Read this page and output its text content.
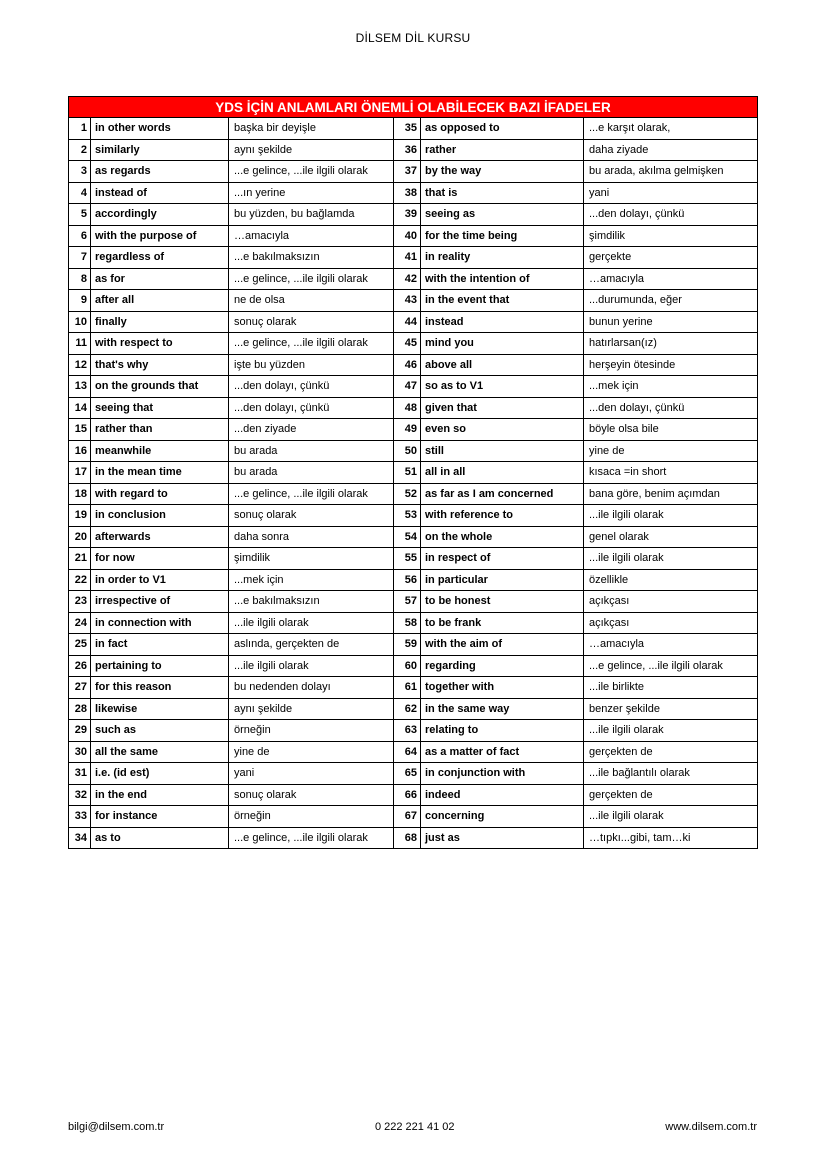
DİLSEM DİL KURSU
YDS İÇİN ANLAMLARI ÖNEMLİ OLABİLECEK BAZI İFADELER					
1	in other words	başka bir deyişle	35	as opposed to	...e karşıt olarak,
2	similarly	aynı şekilde	36	rather	daha ziyade
3	as regards	...e gelince, ...ile ilgili olarak	37	by the way	bu arada, akılma gelmişken
4	instead of	...ın yerine	38	that is	yani
5	accordingly	bu yüzden, bu bağlamda	39	seeing as	...den dolayı, çünkü
6	with the purpose of	…amacıyla	40	for the time being	şimdilik
7	regardless of	...e bakılmaksızın	41	in reality	gerçekte
8	as for	...e gelince, ...ile ilgili olarak	42	with the intention of	…amacıyla
9	after all	ne de olsa	43	in the event that	...durumunda, eğer
10	finally	sonuç olarak	44	instead	bunun yerine
11	with respect to	...e gelince, ...ile ilgili olarak	45	mind you	hatırlarsan(ız)
12	that's why	işte bu yüzden	46	above all	herşeyin ötesinde
13	on the grounds that	...den dolayı, çünkü	47	so as to V1	...mek için
14	seeing that	...den dolayı, çünkü	48	given that	...den dolayı, çünkü
15	rather than	...den ziyade	49	even so	böyle olsa bile
16	meanwhile	bu arada	50	still	yine de
17	in the mean time	bu arada	51	all in all	kısaca =in short
18	with regard to	...e gelince, ...ile ilgili olarak	52	as far as I am concerned	bana göre, benim açımdan
19	in conclusion	sonuç olarak	53	with reference to	...ile ilgili olarak
20	afterwards	daha sonra	54	on the whole	genel olarak
21	for now	şimdilik	55	in respect of	...ile ilgili olarak
22	in order to V1	...mek için	56	in particular	özellikle
23	irrespective of	...e bakılmaksızın	57	to be honest	açıkçası
24	in connection with	...ile ilgili olarak	58	to be frank	açıkçası
25	in fact	aslında, gerçekten de	59	with the aim of	…amacıyla
26	pertaining to	...ile ilgili olarak	60	regarding	...e gelince, ...ile ilgili olarak
27	for this reason	bu nedenden dolayı	61	together with	...ile birlikte
28	likewise	aynı şekilde	62	in the same way	benzer şekilde
29	such as	örneğin	63	relating to	...ile ilgili olarak
30	all the same	yine de	64	as a matter of fact	gerçekten de
31	i.e. (id est)	yani	65	in conjunction with	...ile bağlantılı olarak
32	in the end	sonuç olarak	66	indeed	gerçekten de
33	for instance	örneğin	67	concerning	...ile ilgili olarak
34	as to	...e gelince, ...ile ilgili olarak	68	just as	…tıpkı...gibi, tam…ki
bilgi@dilsem.com.tr	0 222 221 41 02	www.dilsem.com.tr
